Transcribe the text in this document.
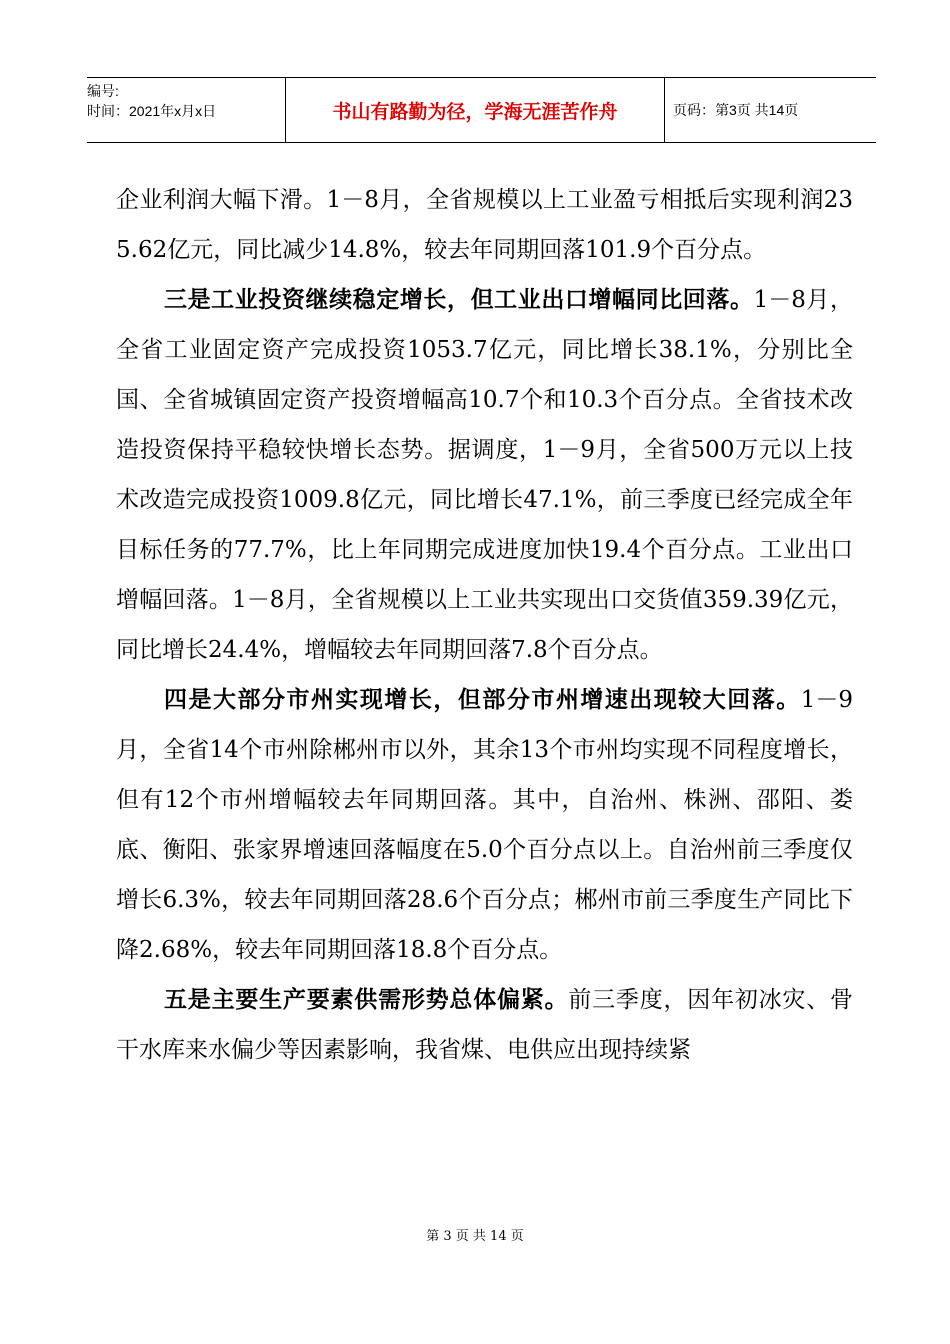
编号:
时间：2021年x月x日	书山有路勤为径，学海无涯苦作舟	页码：第3页 共14页

企业利润大幅下滑。1－8月，全省规模以上工业盈亏相抵后实现利润235.62亿元，同比减少14.8%，较去年同期回落101.9个百分点。

三是工业投资继续稳定增长，但工业出口增幅同比回落。1－8月，全省工业固定资产完成投资1053.7亿元，同比增长38.1%，分别比全国、全省城镇固定资产投资增幅高10.7个和10.3个百分点。全省技术改造投资保持平稳较快增长态势。据调度，1－9月，全省500万元以上技术改造完成投资1009.8亿元，同比增长47.1%，前三季度已经完成全年目标任务的77.7%，比上年同期完成进度加快19.4个百分点。工业出口增幅回落。1－8月，全省规模以上工业共实现出口交货值359.39亿元，同比增长24.4%，增幅较去年同期回落7.8个百分点。

四是大部分市州实现增长，但部分市州增速出现较大回落。1－9月，全省14个市州除郴州市以外，其余13个市州均实现不同程度增长，但有12个市州增幅较去年同期回落。其中，自治州、株洲、邵阳、娄底、衡阳、张家界增速回落幅度在5.0个百分点以上。自治州前三季度仅增长6.3%，较去年同期回落28.6个百分点；郴州市前三季度生产同比下降2.68%，较去年同期回落18.8个百分点。

五是主要生产要素供需形势总体偏紧。前三季度，因年初冰灾、骨干水库来水偏少等因素影响，我省煤、电供应出现持续紧

第 3 页 共 14 页
